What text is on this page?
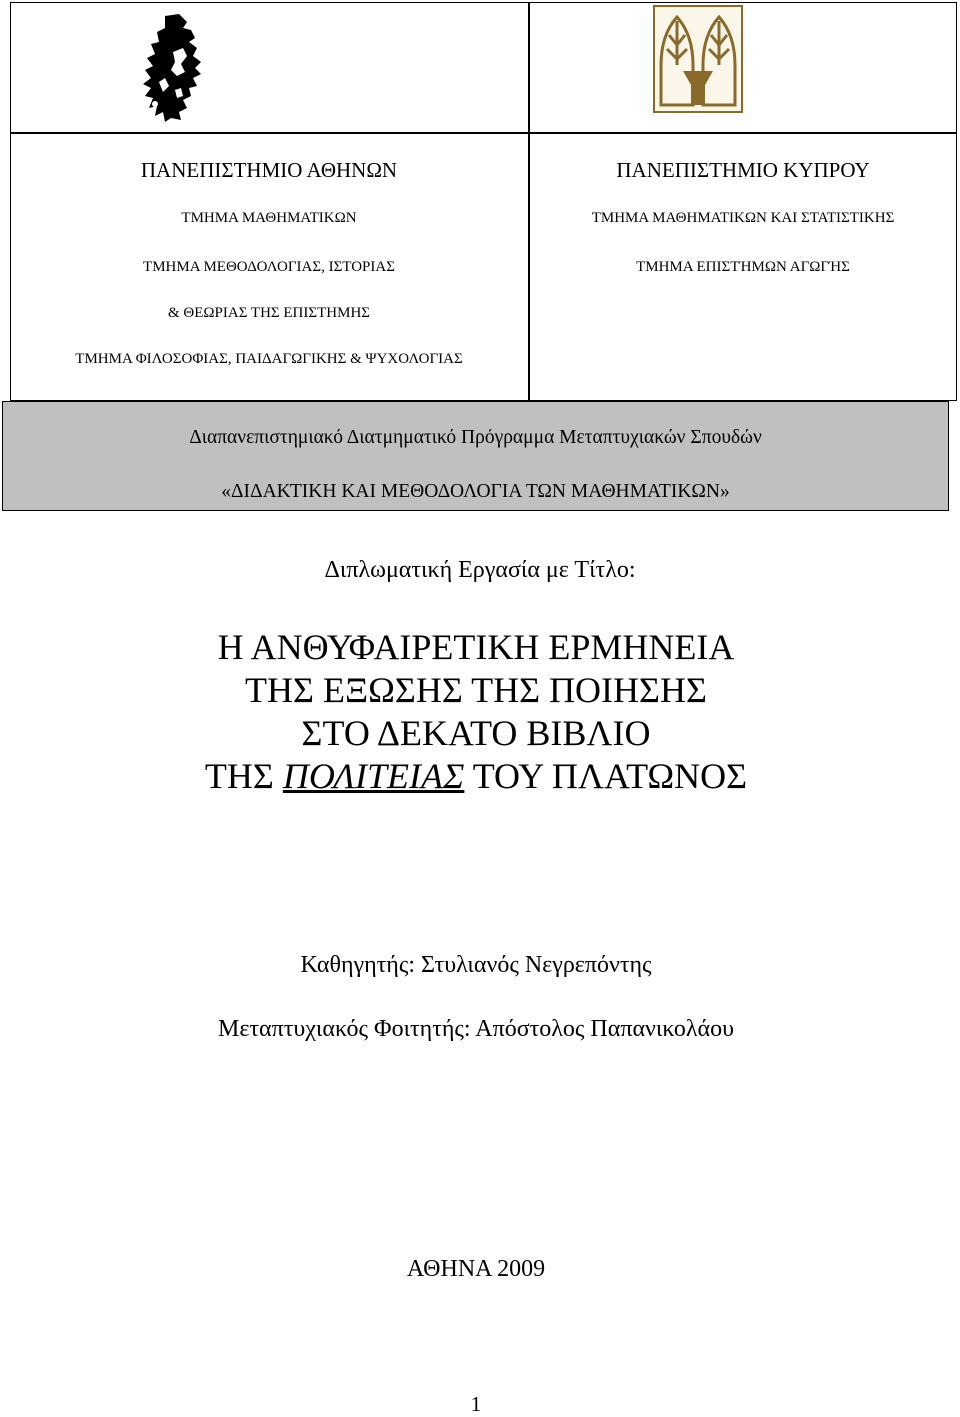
ΠΑΝΕΠΙΣΤΗΜΙΟ ΑΘΗΝΩΝ
ΤΜΗΜΑ ΜΑΘΗΜΑΤΙΚΩΝ
ΤΜΗΜΑ ΜΕΘΟΔΟΛΟΓΙΑΣ, ΙΣΤΟΡΙΑΣ
& ΘΕΩΡΙΑΣ ΤΗΣ ΕΠΙΣΤΗΜΗΣ
ΤΜΗΜΑ ΦΙΛΟΣΟΦΙΑΣ, ΠΑΙΔΑΓΩΓΙΚΗΣ & ΨΥΧΟΛΟΓΙΑΣ
ΠΑΝΕΠΙΣΤΗΜΙΟ ΚΥΠΡΟΥ
ΤΜΗΜΑ ΜΑΘΗΜΑΤΙΚΩΝ ΚΑΙ ΣΤΑΤΙΣΤΙΚΗΣ
ΤΜΗΜΑ ΕΠΙΣΤΉΜΩΝ ΑΓΩΓΉΣ
Διαπανεπιστημιακό Διατμηματικό Πρόγραμμα Μεταπτυχιακών Σπουδών
«ΔΙΔΑΚΤΙΚΗ ΚΑΙ ΜΕΘΟΔΟΛΟΓΙΑ ΤΩΝ ΜΑΘΗΜΑΤΙΚΩΝ»
Διπλωματική Εργασία με Τίτλο:
Η ΑΝΘΥΦΑΙΡΕΤΙΚΗ ΕΡΜΗΝΕΙΑ
ΤΗΣ ΕΞΩΣΗΣ ΤΗΣ ΠΟΙΗΣΗΣ
ΣΤΟ ΔΕΚΑΤΟ ΒΙΒΛΙΟ
ΤΗΣ ΠΟΛΙΤΕΙΑΣ ΤΟΥ ΠΛΑΤΩΝΟΣ
Καθηγητής: Στυλιανός Νεγρεπόντης
Μεταπτυχιακός Φοιτητής: Απόστολος Παπανικολάου
ΑΘΗΝΑ 2009
1
